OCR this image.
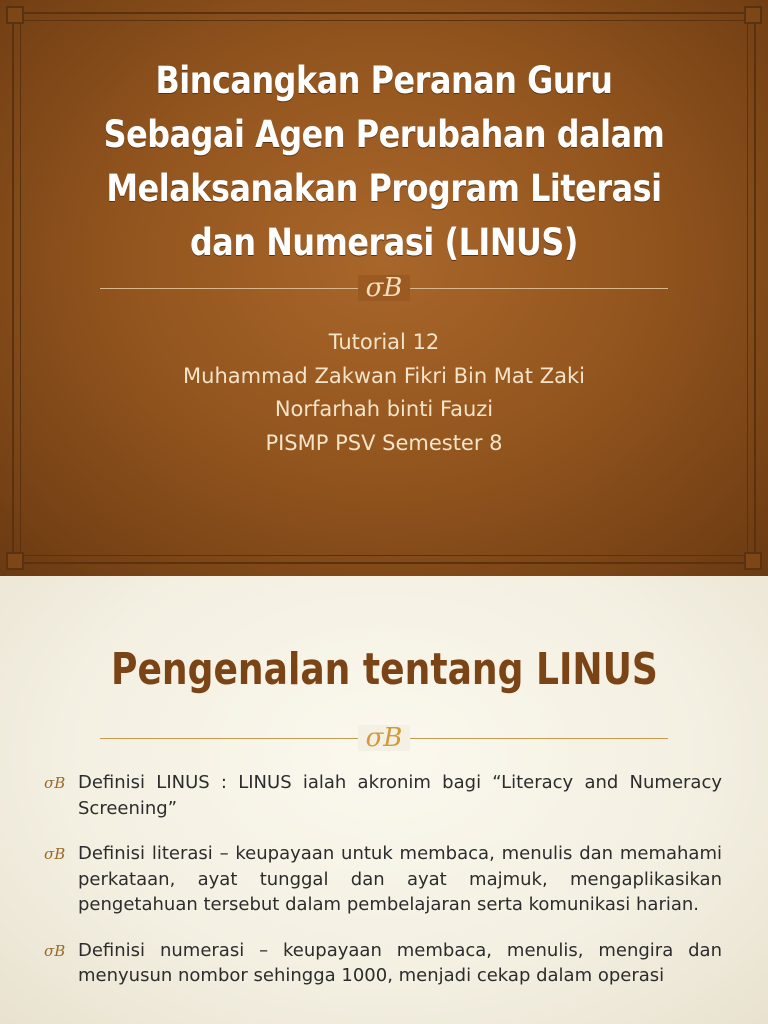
Bincangkan Peranan Guru Sebagai Agen Perubahan dalam Melaksanakan Program Literasi dan Numerasi (LINUS)
σΒ
Tutorial 12
Muhammad Zakwan Fikri Bin Mat Zaki
Norfarhah binti Fauzi
PISMP PSV Semester 8
Pengenalan tentang LINUS
σΒ
σΒ Definisi LINUS : LINUS ialah akronim bagi “Literacy and Numeracy Screening”
σΒ Definisi literasi – keupayaan untuk membaca, menulis dan memahami perkataan, ayat tunggal dan ayat majmuk, mengaplikasikan pengetahuan tersebut dalam pembelajaran serta komunikasi harian.
σΒ Definisi numerasi – keupayaan membaca, menulis, mengira dan menyusun nombor sehingga 1000, menjadi cekap dalam operasi
